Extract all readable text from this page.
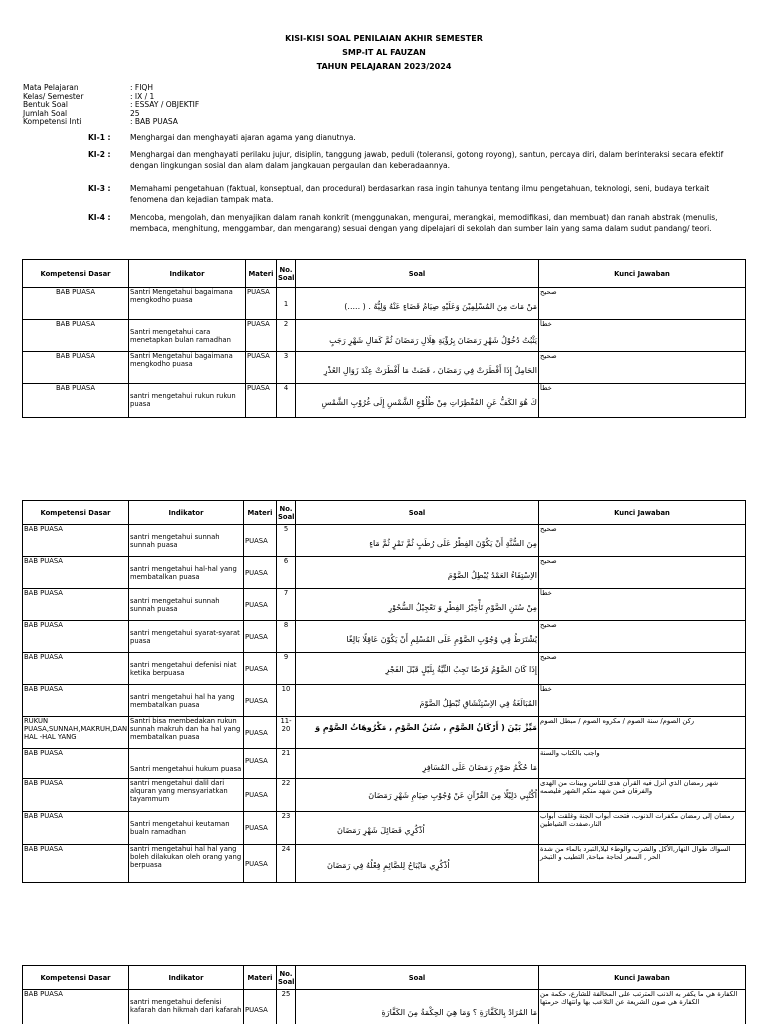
KISI-KISI SOAL PENILAIAN AKHIR SEMESTER
SMP-IT AL FAUZAN
TAHUN PELAJARAN 2023/2024
Mata Pelajaran	: FIQH
Kelas/ Semester	: IX / 1
Bentuk Soal	: ESSAY / OBJEKTIF
Jumlah Soal	25
Kompetensi Inti	: BAB PUASA
KI-1 :	Menghargai dan menghayati ajaran agama yang dianutnya.
KI-2 :	Menghargai dan menghayati perilaku jujur, disiplin, tanggung jawab, peduli (toleransi, gotong royong), santun, percaya diri, dalam berinteraksi secara efektif dengan lingkungan sosial dan alam dalam jangkauan pergaulan dan keberadaannya.
KI-3 :	Memahami pengetahuan (faktual, konseptual, dan procedural) berdasarkan rasa ingin tahunya tentang ilmu pengetahuan, teknologi, seni, budaya terkait fenomena dan kejadian tampak mata.
KI-4 :	Mencoba, mengolah, dan menyajikan dalam ranah konkrit (menggunakan, mengurai, merangkai, memodifikasi, dan membuat) dan ranah abstrak (menulis, membaca, menghitung, menggambar, dan mengarang) sesuai dengan yang dipelajari di sekolah dan sumber lain yang sama dalam sudut pandang/ teori.
Kompetensi Dasar	Indikator	Materi	No. Soal	Soal	Kunci Jawaban
BAB PUASA	Santri Mengetahui bagaimana mengkodho puasa	PUASA	1	مَنْ مَاتَ مِنَ المُسْلِمِيْنَ وَعَلَيْهِ صِيَامُ قَضَاءٍ عَنْهُ وَلِيُّهُ . ( .....)	صحيح

BAB PUASA	Santri mengetahui cara menetapkan bulan ramadhan	PUASA	2	يَثْبُتُ دُخُوْلُ شَهْرِ رَمَضَانَ بِرُؤْيَةِ هِلَالِ رَمَضَانَ ثُمَّ كَمَالِ شَهْرِ رَجَبٍ	خطأ

BAB PUASA	Santri Mengetahui bagaimana mengkodho puasa	PUASA	3	الحَامِلُ إِذَا أَفْطَرَتْ فِي رَمَضَانَ ، قَضَتْ مَا أَفْطَرَتْ عِنْدَ زَوَالِ العُذْرِ	صحيح

BAB PUASA	santri mengetahui rukun rukun puasa	PUASA	4	كَ هُوَ الكَفُّ عَنِ المُفْطِرَاتِ مِنْ طُلُوْعِ الشَّمْسِ إِلَى غُرُوْبِ الشَّمْسِ	خطأ
Kompetensi Dasar	Indikator	Materi	No. Soal	Soal	Kunci Jawaban
BAB PUASA	santri mengetahui sunnah sunnah puasa	PUASA	5	مِنَ السُّنَّةِ أَنْ يَكُوْنَ الفِطْرُ عَلَى رُطَبٍ ثُمَّ تَمْرٍ ثُمَّ مَاءٍ	صحيح

BAB PUASA	santri mengetahui hal-hal yang membatalkan puasa	PUASA	6	الاِسْتِقَاءُ العَمْدُ يُبْطِلُ الصَّوْمَ	صحيح

BAB PUASA	santri mengetahui sunnah sunnah puasa	PUASA	7	مِنْ سُنَنِ الصَّوْمِ تَأْخِيْرُ الفِطْرِ وَ تَعْجِيْلُ السُّحُوْرِ	خطأ

BAB PUASA	santri mengetahui syarat-syarat puasa	PUASA	8	يُشْتَرَطُ فِي وُجُوْبِ الصَّوْمِ عَلَى المُسْلِمِ أَنْ يَكُوْنَ عَاقِلًا بَالِغًا	صحيح

BAB PUASA	santri mengetahui defenisi niat ketika berpuasa	PUASA	9	إِذَا كَانَ الصَّوْمُ فَرْضًا تَجِبُ النِّيَّةُ بِلَيْلٍ قَبْلَ الفَجْرِ	صحيح

BAB PUASA	santri mengetahui hal ha yang membatalkan puasa	PUASA	10	المُبَالَغَةُ فِي الاِسْتِنْشَاقِ تُبْطِلُ الصَّوْمَ	خطأ

RUKUN PUASA,SUNNAH,MAKRUH,DAN HAL -HAL YANG	Santri bisa membedakan rukun sunnah makruh dan ha hal yang membatalkan puasa	PUASA	11-20	مَيِّزْ بَيْنَ ( أَرْكَانُ الصَّوْمِ , سُنَنُ الصَّوْمِ , مَكْرُوهَاتُ الصَّوْمِ وَ	ركن الصوم/ سنة الصوم / مكروه الصوم / مبطل الصوم

BAB PUASA	Santri mengetahui hukum puasa	PUASA	21	مَا حُكْمُ صَوْمِ رَمَضَانَ عَلَى المُسَافِرِ	واجب بالكتاب والسنة

BAB PUASA	santri mengetahui dalil dari alquran yang mensyariatkan tayammum	PUASA	22	اُكْتُبِي دَلِيْلًا مِنَ القُرْآنِ عَنْ وُجُوْبِ صِيَامِ شَهْرِ رَمَضَانَ	شهر رمضان الذي أنزل فيه القرآن هدى للناس وبينات من الهدى والفرقان فمن شهد منكم الشهر فليصمه

BAB PUASA	Santri mengetahui keutaman bualn ramadhan	PUASA	23	اُذْكُرِي فَضَائِلَ شَهْرِ رَمَضَانَ	رمضان إلى رمضان مكفرات الذنوب، فتحت أبواب الجنة وغلقت أبواب النار،صفدت الشياطين

BAB PUASA	santri mengetahui hal hal yang boleh dilakukan oleh orang yang berpuasa	PUASA	24	اُذْكُرِي مَايُبَاحُ لِلصَّائِمِ فِعْلُهُ فِي رَمَضَانَ	السواك طوال النهار,الأكل والشرب والوطء ليلا,التبرد بالماء من شدة الحر , السعر لحاجة مباحة, التطيب و التبخر
Kompetensi Dasar	Indikator	Materi	No. Soal	Soal	Kunci Jawaban
BAB PUASA	santri mengetahui defenisi kafarah dan hikmah dari kafarah	PUASA	25	مَا المُرَادُ بِالكَفَّارَةِ ؟ وَمَا هِيَ الحِكْمَةُ مِنَ الكَفَّارَةِ	الكفارة هي ما يكفر به الذنب المترتب على المخالفة للشارع، حكمة من الكفارة هي صون الشريعة عن التلاعب بها وانتهاك حرمتها
